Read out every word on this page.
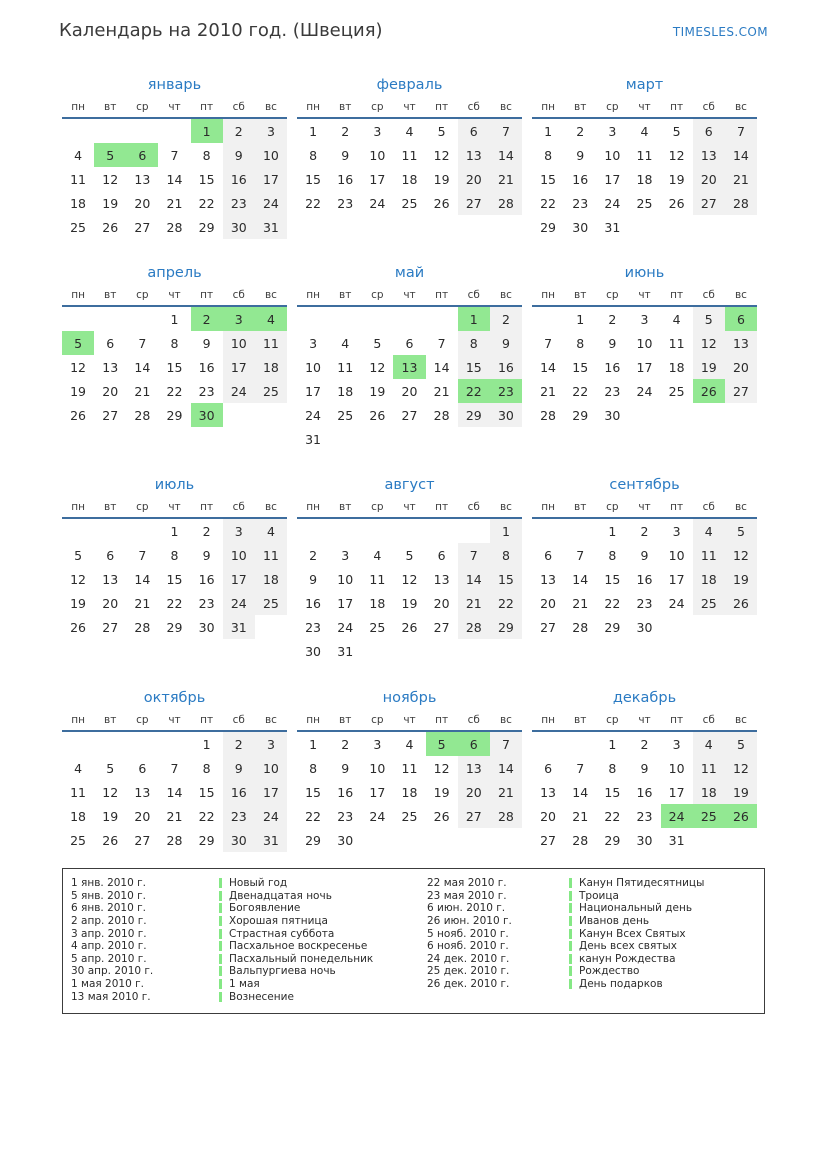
Календарь на 2010 год. (Швеция)	TIMESLES.COM
январь
пн	вт	ср	чт	пт	сб	вс
				1	2	3
4	5	6	7	8	9	10
11	12	13	14	15	16	17
18	19	20	21	22	23	24
25	26	27	28	29	30	31
февраль
пн	вт	ср	чт	пт	сб	вс
1	2	3	4	5	6	7
8	9	10	11	12	13	14
15	16	17	18	19	20	21
22	23	24	25	26	27	28
март
пн	вт	ср	чт	пт	сб	вс
1	2	3	4	5	6	7
8	9	10	11	12	13	14
15	16	17	18	19	20	21
22	23	24	25	26	27	28
29	30	31				
апрель
пн	вт	ср	чт	пт	сб	вс
			1	2	3	4
5	6	7	8	9	10	11
12	13	14	15	16	17	18
19	20	21	22	23	24	25
26	27	28	29	30		
май
пн	вт	ср	чт	пт	сб	вс
					1	2
3	4	5	6	7	8	9
10	11	12	13	14	15	16
17	18	19	20	21	22	23
24	25	26	27	28	29	30
31						
июнь
пн	вт	ср	чт	пт	сб	вс
	1	2	3	4	5	6
7	8	9	10	11	12	13
14	15	16	17	18	19	20
21	22	23	24	25	26	27
28	29	30				
июль
пн	вт	ср	чт	пт	сб	вс
			1	2	3	4
5	6	7	8	9	10	11
12	13	14	15	16	17	18
19	20	21	22	23	24	25
26	27	28	29	30	31	
август
пн	вт	ср	чт	пт	сб	вс
						1
2	3	4	5	6	7	8
9	10	11	12	13	14	15
16	17	18	19	20	21	22
23	24	25	26	27	28	29
30	31					
сентябрь
пн	вт	ср	чт	пт	сб	вс
		1	2	3	4	5
6	7	8	9	10	11	12
13	14	15	16	17	18	19
20	21	22	23	24	25	26
27	28	29	30			
октябрь
пн	вт	ср	чт	пт	сб	вс
				1	2	3
4	5	6	7	8	9	10
11	12	13	14	15	16	17
18	19	20	21	22	23	24
25	26	27	28	29	30	31
ноябрь
пн	вт	ср	чт	пт	сб	вс
1	2	3	4	5	6	7
8	9	10	11	12	13	14
15	16	17	18	19	20	21
22	23	24	25	26	27	28
29	30					
декабрь
пн	вт	ср	чт	пт	сб	вс
		1	2	3	4	5
6	7	8	9	10	11	12
13	14	15	16	17	18	19
20	21	22	23	24	25	26
27	28	29	30	31		
1 янв. 2010 г.	Новый год
5 янв. 2010 г.	Двенадцатая ночь
6 янв. 2010 г.	Богоявление
2 апр. 2010 г.	Хорошая пятница
3 апр. 2010 г.	Страстная суббота
4 апр. 2010 г.	Пасхальное воскресенье
5 апр. 2010 г.	Пасхальный понедельник
30 апр. 2010 г.	Вальпургиева ночь
1 мая 2010 г.	1 мая
13 мая 2010 г.	Вознесение
22 мая 2010 г.	Канун Пятидесятницы
23 мая 2010 г.	Троица
6 июн. 2010 г.	Национальный день
26 июн. 2010 г.	Иванов день
5 нояб. 2010 г.	Канун Всех Святых
6 нояб. 2010 г.	День всех святых
24 дек. 2010 г.	канун Рождества
25 дек. 2010 г.	Рождество
26 дек. 2010 г.	День подарков
